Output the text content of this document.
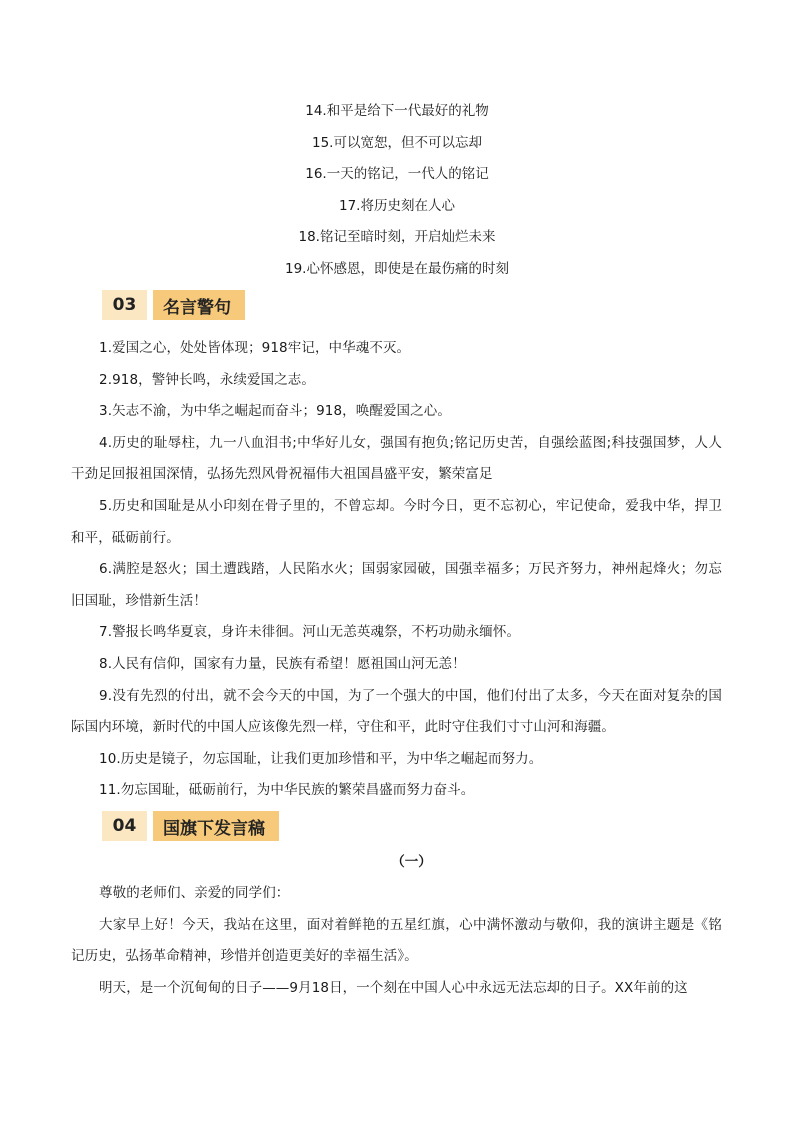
14.和平是给下一代最好的礼物
15.可以宽恕，但不可以忘却
16.一天的铭记，一代人的铭记
17.将历史刻在人心
18.铭记至暗时刻，开启灿烂未来
19.心怀感恩，即使是在最伤痛的时刻
03	名言警句

1.爱国之心，处处皆体现；918牢记，中华魂不灭。

2.918，警钟长鸣，永续爱国之志。

3.矢志不渝，为中华之崛起而奋斗；918，唤醒爱国之心。

4.历史的耻辱柱，九一八血泪书;中华好儿女，强国有抱负;铭记历史苦，自强绘蓝图;科技强国梦，人人干劲足回报祖国深情，弘扬先烈风骨祝福伟大祖国昌盛平安，繁荣富足

5.历史和国耻是从小印刻在骨子里的，不曾忘却。今时今日，更不忘初心，牢记使命，爱我中华，捍卫和平，砥砺前行。

6.满腔是怒火；国土遭践踏，人民陷水火；国弱家园破，国强幸福多；万民齐努力，神州起烽火；勿忘旧国耻，珍惜新生活！

7.警报长鸣华夏哀，身许未徘徊。河山无恙英魂祭，不朽功勋永缅怀。

8.人民有信仰，国家有力量，民族有希望！愿祖国山河无恙！

9.没有先烈的付出，就不会今天的中国，为了一个强大的中国，他们付出了太多，今天在面对复杂的国际国内环境，新时代的中国人应该像先烈一样，守住和平，此时守住我们寸寸山河和海疆。

10.历史是镜子，勿忘国耻，让我们更加珍惜和平，为中华之崛起而努力。

11.勿忘国耻，砥砺前行，为中华民族的繁荣昌盛而努力奋斗。

04	国旗下发言稿
（一）

尊敬的老师们、亲爱的同学们：

大家早上好！今天，我站在这里，面对着鲜艳的五星红旗，心中满怀激动与敬仰，我的演讲主题是《铭记历史，弘扬革命精神，珍惜并创造更美好的幸福生活》。

明天，是一个沉甸甸的日子——9月18日，一个刻在中国人心中永远无法忘却的日子。XX年前的这
